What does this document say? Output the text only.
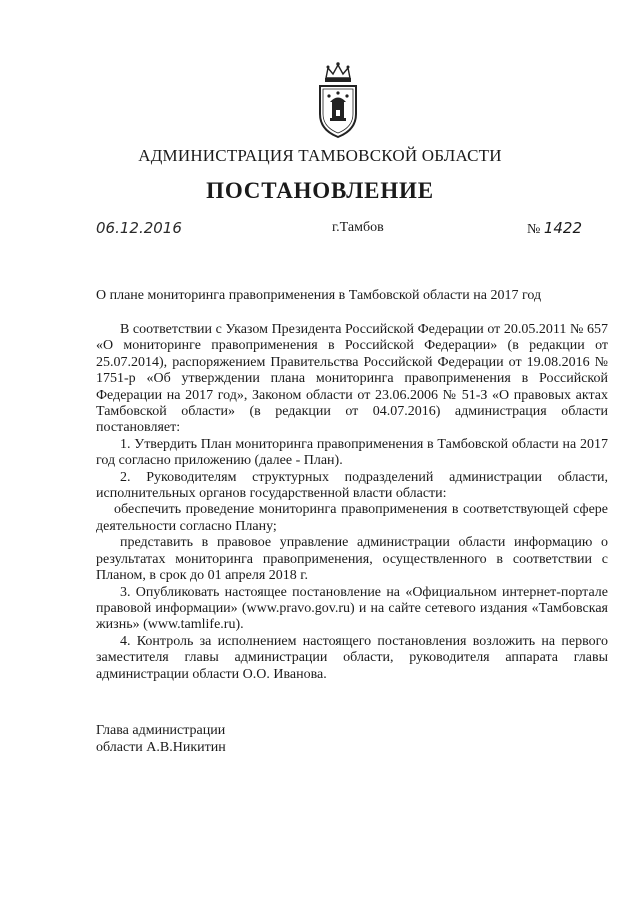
АДМИНИСТРАЦИЯ ТАМБОВСКОЙ ОБЛАСТИ
ПОСТАНОВЛЕНИЕ
06.12.2016	г.Тамбов	№ 1422
О плане мониторинга правоприменения в Тамбовской области на 2017 год

В соответствии с Указом Президента Российской Федерации от 20.05.2011 № 657 «О мониторинге правоприменения в Российской Федерации» (в редакции от 25.07.2014), распоряжением Правительства Российской Федерации от 19.08.2016 № 1751-р «Об утверждении плана мониторинга правоприменения в Российской Федерации на 2017 год», Законом области от 23.06.2006 № 51-З «О правовых актах Тамбовской области» (в редакции от 04.07.2016) администрация области постановляет:

1. Утвердить План мониторинга правоприменения в Тамбовской области на 2017 год согласно приложению (далее - План).

2. Руководителям структурных подразделений администрации области, исполнительных органов государственной власти области:

обеспечить проведение мониторинга правоприменения в соответствующей сфере деятельности согласно Плану;

представить в правовое управление администрации области информацию о результатах мониторинга правоприменения, осуществленного в соответствии с Планом, в срок до 01 апреля 2018 г.

3. Опубликовать настоящее постановление на «Официальном интернет-портале правовой информации» (www.pravo.gov.ru) и на сайте сетевого издания «Тамбовская жизнь» (www.tamlife.ru).

4. Контроль за исполнением настоящего постановления возложить на первого заместителя главы администрации области, руководителя аппарата главы администрации области О.О. Иванова.

Глава администрации
области А.В.Никитин
